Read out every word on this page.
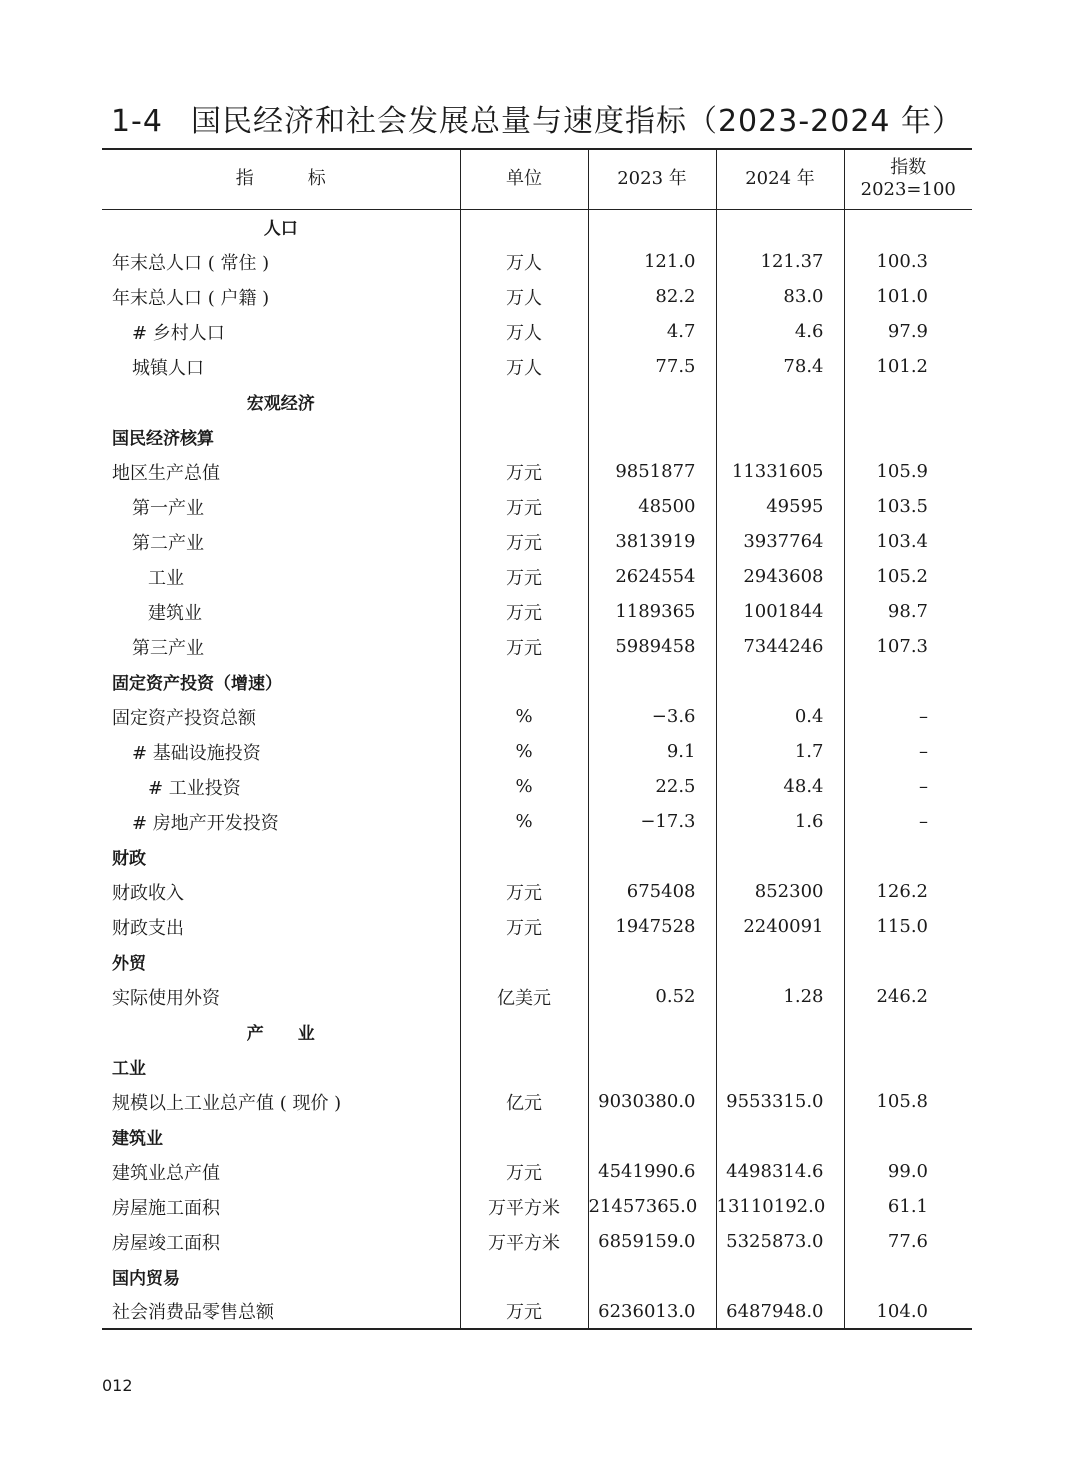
1-4 国民经济和社会发展总量与速度指标（2023-2024 年）
指　　　标	单位	2023 年	2024 年	指数
2023=100

人口				
年末总人口 ( 常住 )	万人	121.0	121.37	100.3
年末总人口 ( 户籍 )	万人	82.2	83.0	101.0
# 乡村人口	万人	4.7	4.6	97.9
城镇人口	万人	77.5	78.4	101.2
宏观经济				
国民经济核算				
地区生产总值	万元	9851877	11331605	105.9
第一产业	万元	48500	49595	103.5
第二产业	万元	3813919	3937764	103.4
工业	万元	2624554	2943608	105.2
建筑业	万元	1189365	1001844	98.7
第三产业	万元	5989458	7344246	107.3
固定资产投资（增速）				
固定资产投资总额	%	−3.6	0.4	–
# 基础设施投资	%	9.1	1.7	–
# 工业投资	%	22.5	48.4	–
# 房地产开发投资	%	−17.3	1.6	–
财政				
财政收入	万元	675408	852300	126.2
财政支出	万元	1947528	2240091	115.0
外贸				
实际使用外资	亿美元	0.52	1.28	246.2
产　　业				
工业				
规模以上工业总产值 ( 现价 )	亿元	9030380.0	9553315.0	105.8
建筑业				
建筑业总产值	万元	4541990.6	4498314.6	99.0
房屋施工面积	万平方米	21457365.0	13110192.0	61.1
房屋竣工面积	万平方米	6859159.0	5325873.0	77.6
国内贸易				
社会消费品零售总额	万元	6236013.0	6487948.0	104.0
012
